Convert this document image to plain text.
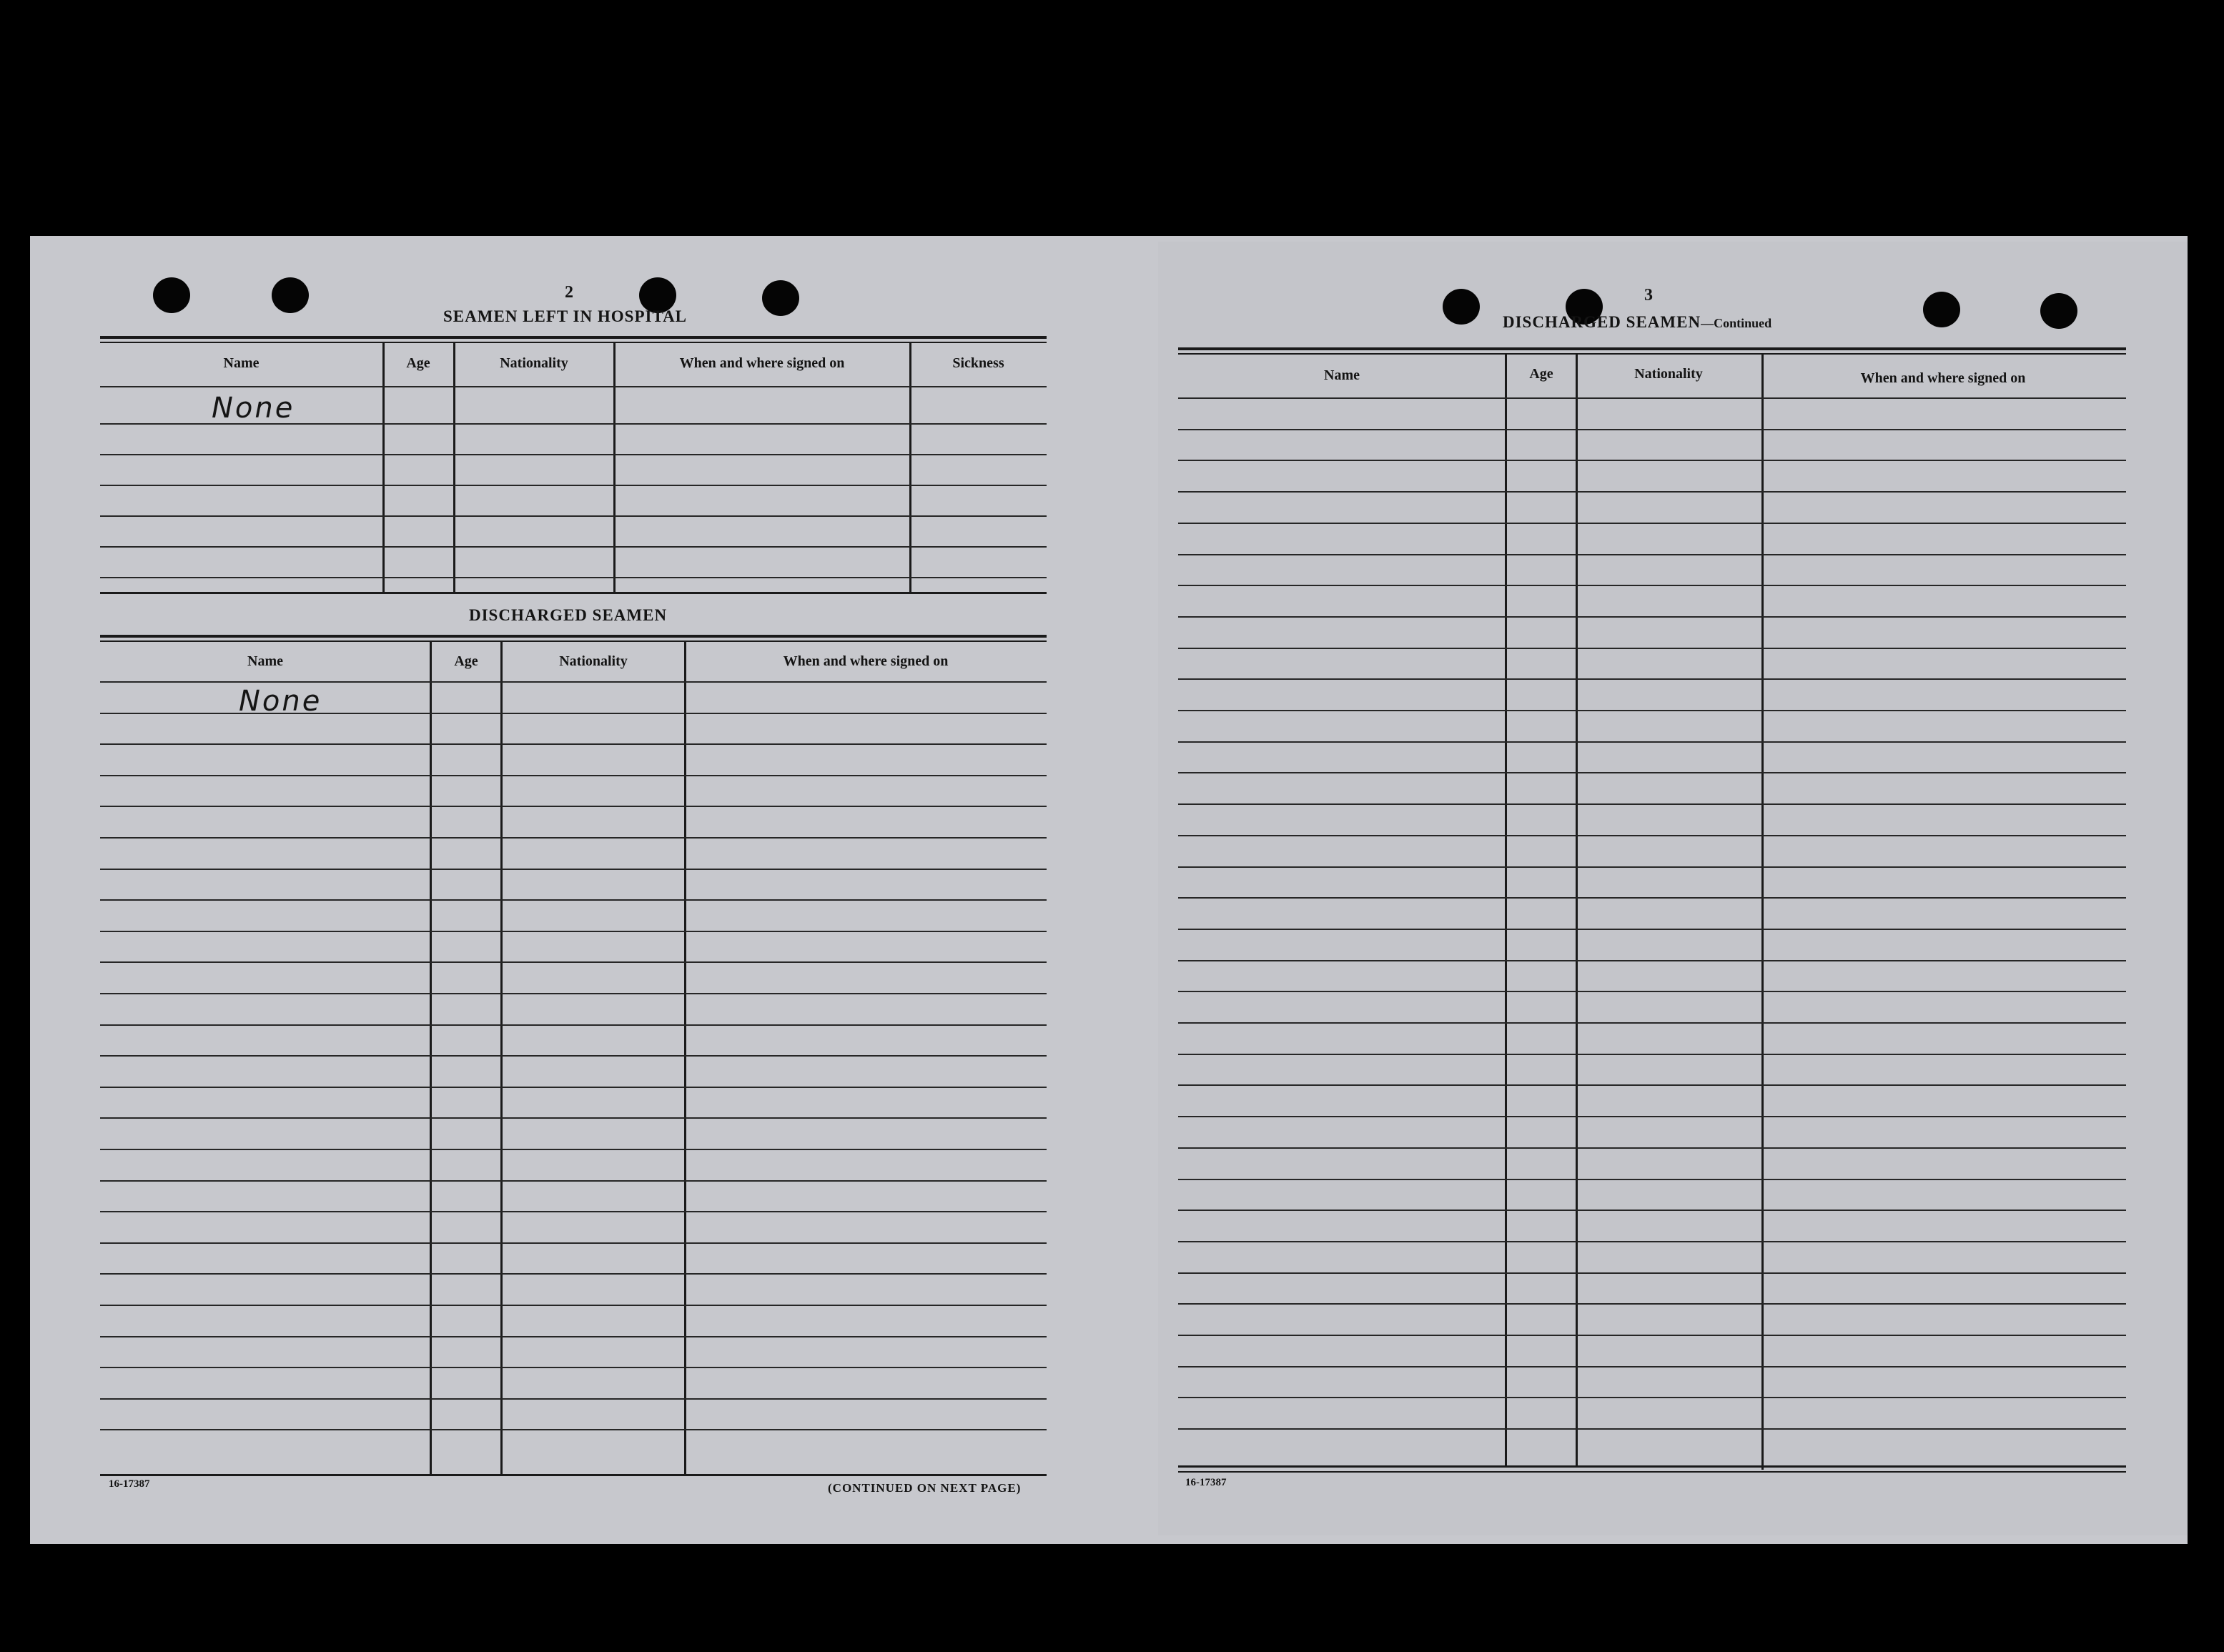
2
SEAMEN LEFT IN HOSPITAL
DISCHARGED SEAMEN
3
DISCHARGED SEAMEN—Continued
16-17387	(CONTINUED ON NEXT PAGE)	16-17387
Name	Age	Nationality	When and where signed on	Sickness
None
Name	Age	Nationality	When and where signed on
None
Name	Age	Nationality	When and where signed on
